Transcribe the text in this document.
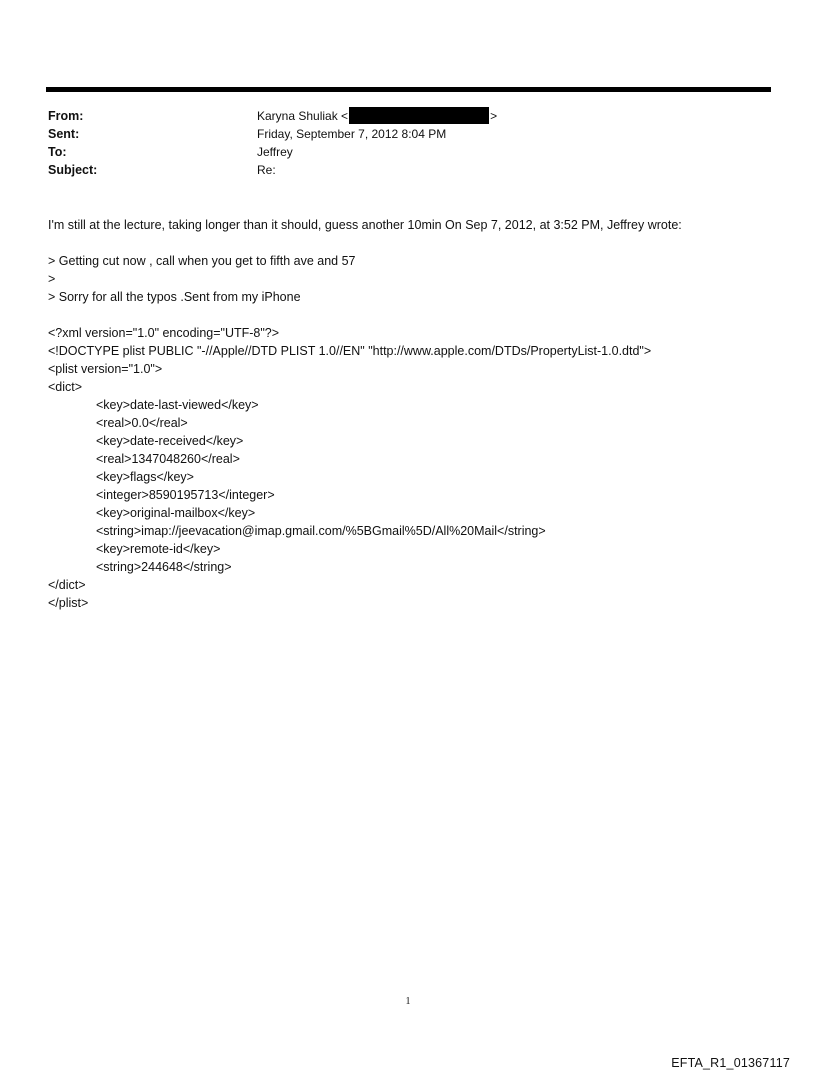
From:	Karyna Shuliak <	>
Sent:	Friday, September 7, 2012 8:04 PM
To:	Jeffrey
Subject:	Re:
I'm still at the lecture, taking longer than it should, guess another 10min On Sep 7, 2012, at 3:52 PM, Jeffrey wrote:
> Getting cut now , call when you get to fifth ave and 57
>
> Sorry for all the typos .Sent from my iPhone
<?xml version="1.0" encoding="UTF-8"?>
<!DOCTYPE plist PUBLIC "-//Apple//DTD PLIST 1.0//EN" "http://www.apple.com/DTDs/PropertyList-1.0.dtd">
<plist version="1.0">
<dict>
<key>date-last-viewed</key>
<real>0.0</real>
<key>date-received</key>
<real>1347048260</real>
<key>flags</key>
<integer>8590195713</integer>
<key>original-mailbox</key>
<string>imap://jeevacation@imap.gmail.com/%5BGmail%5D/All%20Mail</string>
<key>remote-id</key>
<string>244648</string>
</dict>
</plist>
1
EFTA_R1_01367117
